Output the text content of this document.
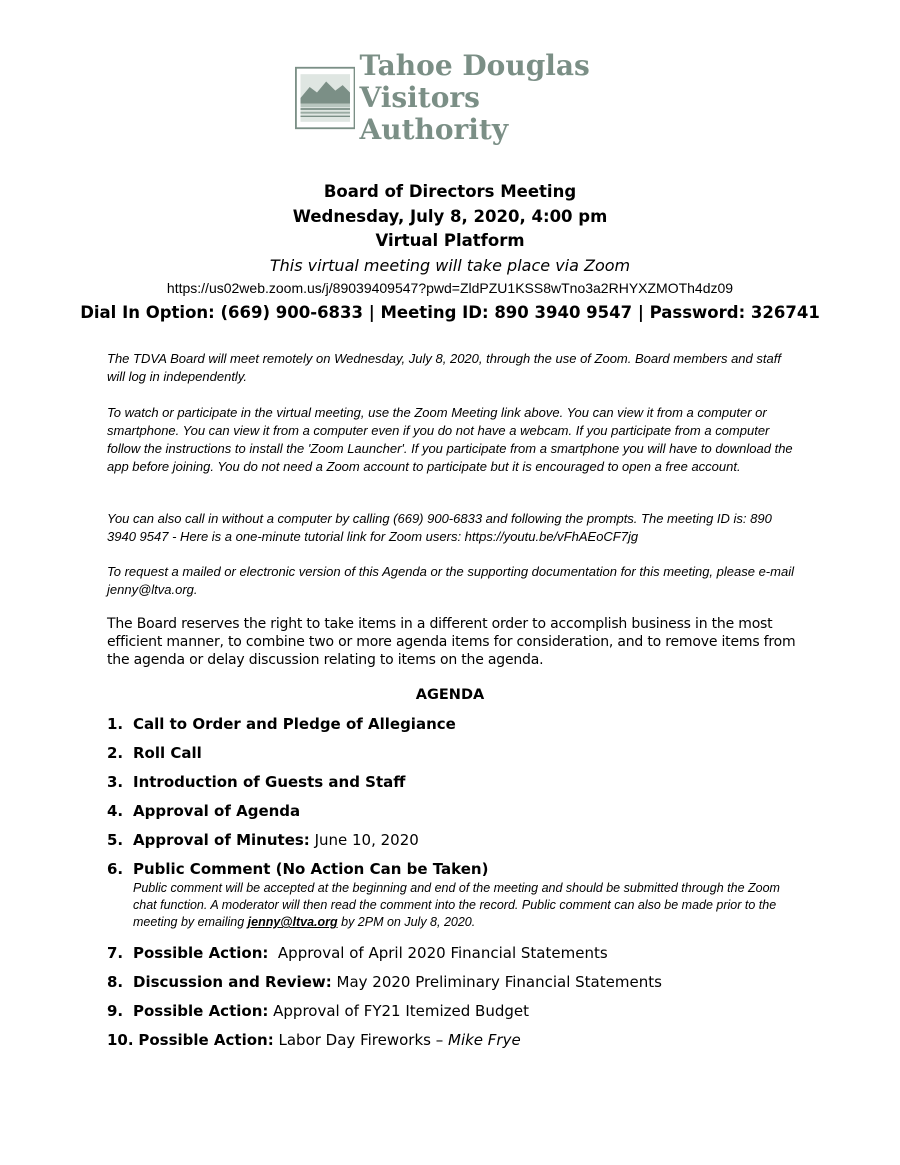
Tahoe Douglas
Visitors Authority
Board of Directors Meeting
Wednesday, July 8, 2020, 4:00 pm
Virtual Platform
This virtual meeting will take place via Zoom
https://us02web.zoom.us/j/89039409547?pwd=ZldPZU1KSS8wTno3a2RHYXZMOTh4dz09
Dial In Option: (669) 900-6833 | Meeting ID: 890 3940 9547 | Password: 326741

The TDVA Board will meet remotely on Wednesday, July 8, 2020, through the use of Zoom. Board members and staff will log in independently.

To watch or participate in the virtual meeting, use the Zoom Meeting link above. You can view it from a computer or smartphone. You can view it from a computer even if you do not have a webcam. If you participate from a computer follow the instructions to install the 'Zoom Launcher'. If you participate from a smartphone you will have to download the app before joining. You do not need a Zoom account to participate but it is encouraged to open a free account.

You can also call in without a computer by calling (669) 900-6833 and following the prompts. The meeting ID is: 890 3940 9547 - Here is a one-minute tutorial link for Zoom users: https://youtu.be/vFhAEoCF7jg

To request a mailed or electronic version of this Agenda or the supporting documentation for this meeting, please e-mail jenny@ltva.org.

The Board reserves the right to take items in a different order to accomplish business in the most efficient manner, to combine two or more agenda items for consideration, and to remove items from the agenda or delay discussion relating to items on the agenda.

AGENDA
1. Call to Order and Pledge of Allegiance
2. Roll Call
3. Introduction of Guests and Staff
4. Approval of Agenda
5. Approval of Minutes: June 10, 2020
6. Public Comment (No Action Can be Taken)
Public comment will be accepted at the beginning and end of the meeting and should be submitted through the Zoom chat function. A moderator will then read the comment into the record. Public comment can also be made prior to the meeting by emailing jenny@ltva.org by 2PM on July 8, 2020.
7. Possible Action:  Approval of April 2020 Financial Statements
8. Discussion and Review: May 2020 Preliminary Financial Statements
9. Possible Action: Approval of FY21 Itemized Budget
10. Possible Action: Labor Day Fireworks – Mike Frye
